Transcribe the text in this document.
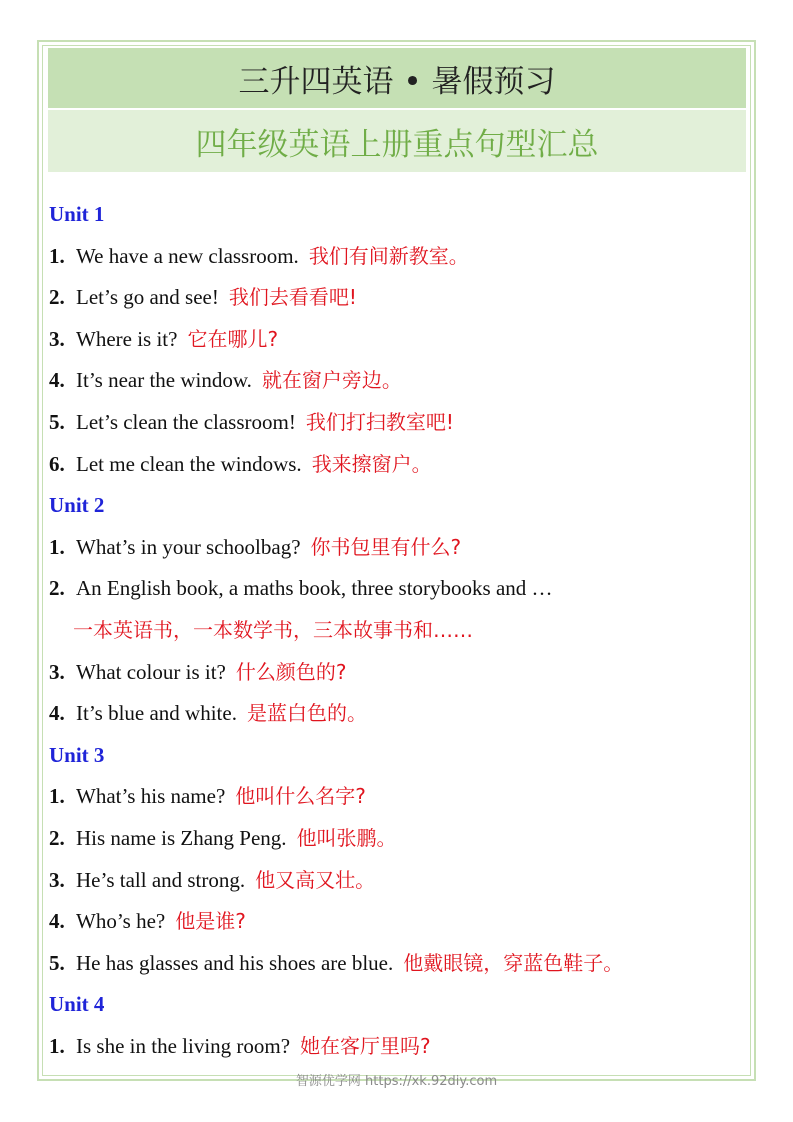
三升四英语 • 暑假预习
四年级英语上册重点句型汇总
Unit 1
1. We have a new classroom. 我们有间新教室。
2. Let’s go and see! 我们去看看吧!
3. Where is it? 它在哪儿?
4. It’s near the window. 就在窗户旁边。
5. Let’s clean the classroom! 我们打扫教室吧!
6. Let me clean the windows. 我来擦窗户。
Unit 2
1. What’s in your schoolbag? 你书包里有什么?
2. An English book, a maths book, three storybooks and …
一本英语书，一本数学书，三本故事书和……
3. What colour is it? 什么颜色的?
4. It’s blue and white. 是蓝白色的。
Unit 3
1. What’s his name? 他叫什么名字?
2. His name is Zhang Peng. 他叫张鹏。
3. He’s tall and strong. 他又高又壮。
4. Who’s he? 他是谁?
5. He has glasses and his shoes are blue. 他戴眼镜，穿蓝色鞋子。
Unit 4
1. Is she in the living room? 她在客厅里吗?
智源优学网 https://xk.92diy.com
